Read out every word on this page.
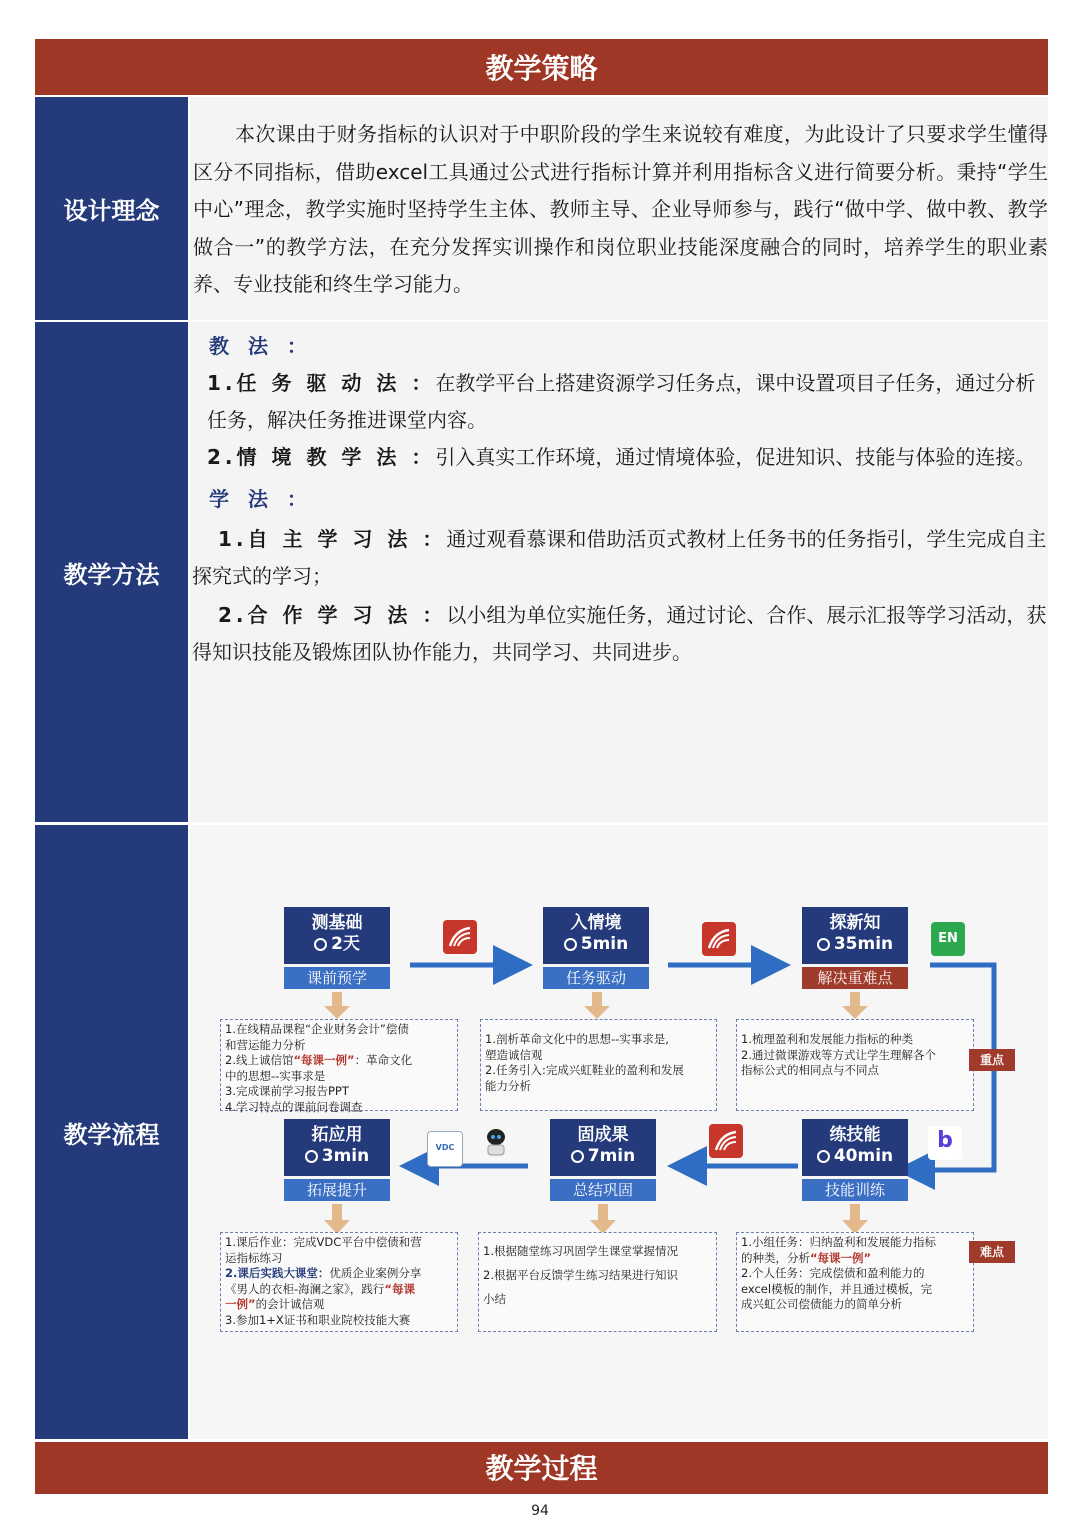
教学策略
设计理念
本次课由于财务指标的认识对于中职阶段的学生来说较有难度，为此设计了只要求学生懂得区分不同指标，借助excel工具通过公式进行指标计算并利用指标含义进行简要分析。秉持“学生中心”理念，教学实施时坚持学生主体、教师主导、企业导师参与，践行“做中学、做中教、教学做合一”的教学方法，在充分发挥实训操作和岗位职业技能深度融合的同时，培养学生的职业素养、专业技能和终生学习能力。
教学方法
教 法 ：
1.任 务 驱 动 法 ：在教学平台上搭建资源学习任务点，课中设置项目子任务，通过分析
任务，解决任务推进课堂内容。
2.情 境 教 学 法 ：引入真实工作环境，通过情境体验，促进知识、技能与体验的连接。
学 法 ：
1.自 主 学 习 法 ：通过观看慕课和借助活页式教材上任务书的任务指引，学生完成自主
探究式的学习；
2.合 作 学 习 法 ：以小组为单位实施任务，通过讨论、合作、展示汇报等学习活动，获
得知识技能及锻炼团队协作能力，共同学习、共同进步。
教学流程
测基础
2天
课前预学
入情境
5min
任务驱动
探新知
35min
解决重难点
练技能
40min
技能训练
固成果
7min
总结巩固
拓应用
3min
拓展提升
EN
b
VDC
1.在线精品课程“企业财务会计”偿债
和营运能力分析
2.线上诚信馆“每课一例”：革命文化
中的思想--实事求是
3.完成课前学习报告PPT
4.学习特点的课前问卷调查
1.剖析革命文化中的思想--实事求是,
塑造诚信观
2.任务引入:完成兴虹鞋业的盈利和发展
能力分析
1.梳理盈利和发展能力指标的种类
2.通过微课游戏等方式让学生理解各个
指标公式的相同点与不同点
1.小组任务：归纳盈利和发展能力指标
的种类，分析“每课一例”
2.个人任务：完成偿债和盈利能力的
excel模板的制作，并且通过模板，完
成兴虹公司偿债能力的简单分析
1.根据随堂练习巩固学生课堂掌握情况
2.根据平台反馈学生练习结果进行知识
小结
1.课后作业：完成VDC平台中偿债和营
运指标练习
2.课后实践大课堂：优质企业案例分享
《男人的衣柜-海澜之家》，践行“每课
一例”的会计诚信观
3.参加1+X证书和职业院校技能大赛
重点
难点
教学过程
94
